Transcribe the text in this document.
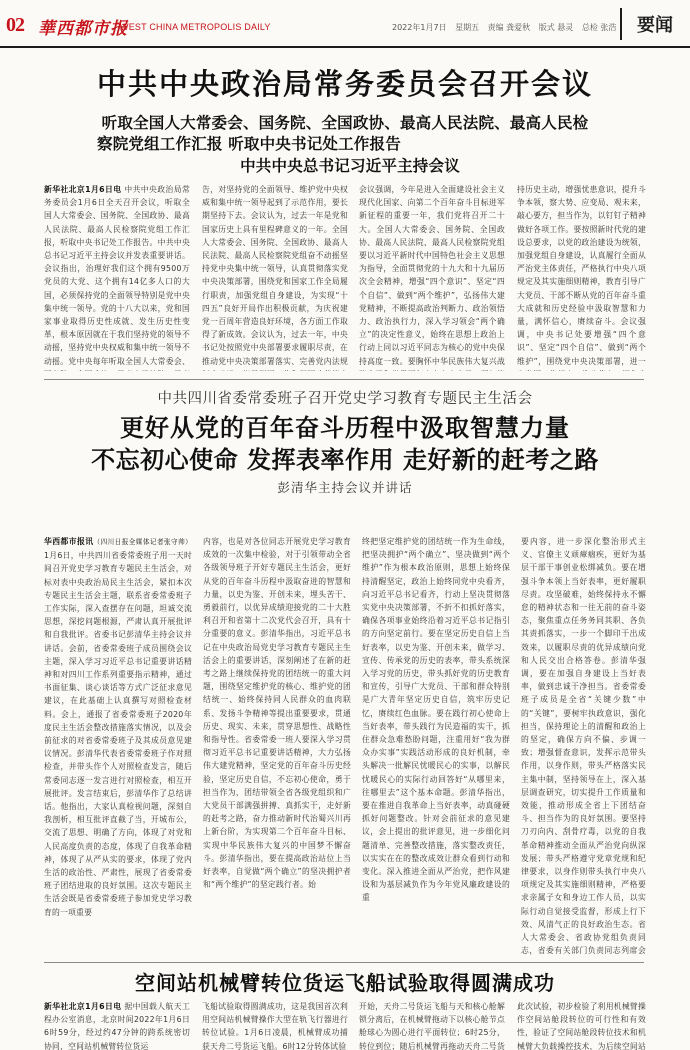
02 華西都市报
WEST CHINA METROPOLIS DAILY	2022年1月7日 星期五 责编 龚爱秋 版式 悬灵 总检 张浩	要闻
中共中央政治局常务委员会召开会议
听取全国人大常委会、国务院、全国政协、最高人民法院、最高人民检
察院党组工作汇报 听取中央书记处工作报告
中共中央总书记习近平主持会议
新华社北京1月6日电 中共中央政治局常务委员会1月6日全天召开会议，听取全国人大常委会、国务院、全国政协、最高人民法院、最高人民检察院党组工作汇报，听取中央书记处工作报告。中共中央总书记习近平主持会议并发表重要讲话。会议指出，治理好我们这个拥有9500万党员的大党、这个拥有14亿多人口的大国，必须保持党的全面领导特别是党中央集中统一领导。党的十八大以来，党和国家事业取得历史性成就、发生历史性变革，根本原因就在于我们坚持党的领导不动摇，坚持党中央权威和集中统一领导不动摇。党中央每年听取全国人大常委会、
告，对坚持党的全面领导、维护党中央权威和集中统一领导起到了示范作用，要长期坚持下去。会议认为，过去一年是党和国家历史上具有里程碑意义的一年。全国人大常委会、国务院、全国政协、最高人民法院、最高人民检察院党组奋不动摇坚持党中央集中统一领导，认真贯彻落实党中央决策部署，围绕党和国家工作全局履行职责，加强党组自身建设，为实现“十四五”良好开局作出积极贡献，为庆祝建党一百周年营造良好环境，各方面工作取得了新成效。会议认为，过去一年，中央书记处按照党中央部署要求履职尽责，在推动党中央决策部署落实、完善党内法规
会议强调，今年是进入全面建设社会主义现代化国家、向第二个百年奋斗目标进军新征程的重要一年，我们党将召开二十大。全国人大常委会、国务院、全国政协、最高人民法院、最高人民检察院党组要以习近平新时代中国特色社会主义思想为指导，全面贯彻党的十九大和十九届历次全会精神，增强“四个意识”、坚定“四个自信”、做到“两个维护”，弘扬伟大建党精神，不断提高政治判断力、政治领悟力、政治执行力，深入学习领会“两个确立”的决定性意义，始终在思想上政治上行动上同以习近平同志为核心的党中央保持高度一致。要胸怀中华民族伟大复兴战
持历史主动，增强忧患意识，提升斗争本领，察大势、应变局、观未来，敲心要方，担当作为，以钉钉子精神做好各项工作。要按照新时代党的建设总要求，以党的政治建设为统领，加强党组自身建设，认真履行全面从严治党主体责任，严格执行中央八项规定及其实施细则精神，教育引导广大党员、干部不断从党的百年奋斗重大成就和历史经验中汲取智慧和力量，满怀信心，赓续奋斗。会议强调，中央书记处要增强“四个意识”、坚定“四个自信”、做到“两个维护”，围绕党中央决策部署，进一
中共四川省委常委班子召开党史学习教育专题民主生活会
更好从党的百年奋斗历程中汲取智慧力量
不忘初心使命 发挥表率作用 走好新的赶考之路
彭清华主持会议并讲话
华西都市报讯（四川日报全媒体记者张守帅） 1月6日，中共四川省委常委班子用一天时间召开党史学习教育专题民主生活会，对标对表中央政治局民主生活会，紧扣本次专题民主生活会主题，联系省委常委班子工作实际，深入查摆存在问题，坦诚交流思想，深挖问题根源，严肃认真开展批评和自我批评。省委书记彭清华主持会议并讲话。会前，省委常委班子成员围绕会议主题，深入学习习近平总书记重要讲话精神和对四川工作系列重要指示精神，通过书面征集、谈心谈话等方式广泛征求意见建议，在此基础上认真撰写对照检查材料。会上，通报了省委常委班子2020年度民主生活会整改措施落实情况，以及会前征求的对省委常委班子及其成员意见建议情况。彭清华代表省委常委班子作对照检查，并带头作个人对照检查发言，随后常委同志逐一发言进行对照检查，相互开展批评。发言结束后，彭清华作了总结讲话。他指出，大家认真检视问题，深刻自我剖析，相互批评直截了当，开城布公，交流了思想、明确了方向，体现了对党和人民高度负责的态度，体现了自我革命精神，体现了从严从实的要求，体现了党内生活的政治性、严肃性，展现了省委常委班子团结进取的良好氛围。这次专题民主生活会既是省委常委班子参加党史学习教育的一项重要
内容，也是对各位同志开展党史学习教育成效的一次集中检验，对于引领带动全省各级领导班子开好专题民主生活会，更好从党的百年奋斗历程中汲取奋进的智慧和力量，以史为鉴、开创未来，埋头苦干、勇毅前行，以优异成绩迎接党的二十大胜利召开和省第十二次党代会召开，具有十分重要的意义。彭清华指出，习近平总书记在中央政治局党史学习教育专题民主生活会上的重要讲话，深刻阐述了在新的赶考之路上继续保持党的团结统一的重大问题，围绕坚定维护党的核心、维护党的团结统一、始终保持同人民群众的血肉联系、发扬斗争精神等提出重要要求，贯通历史、现实、未来，贯穿思想性、战略性和指导性。省委常委一班人要深入学习贯彻习近平总书记重要讲话精神，大力弘扬伟大建党精神，坚定党的百年奋斗历史经验，坚定历史自信，不忘初心使命，勇于担当作为，团结带领全省各级党组织和广大党员干部满强拼搏、真抓实干，走好新的赶考之路，奋力推动新时代治蜀兴川再上新台阶，为实现第二个百年奋斗目标、实现中华民族伟大复兴的中国梦不懈奋斗。彭清华指出，要在提高政治站位上当好表率，自觉做“两个确立”的坚决拥护者和“两个维护”的坚定践行者。始
终把坚定维护党的团结统一作为生命线，把坚决拥护“两个确立”、坚决做到“两个维护”作为根本政治原则，思想上始终保持清醒坚定，政治上始终同党中央看齐，向习近平总书记看齐，行动上坚决贯彻落实党中央决策部署，不折不扣抓好落实，确保各项事业始终沿着习近平总书记指引的方向坚定前行。要在坚定历史自信上当好表率，以史为鉴、开创未来，做学习、宣传、传承党的历史的表率，带头系统深入学习党的历史，带头抓好党的历史教育和宣传，引导广大党员、干部和群众特别是广大青年坚定历史自信，筑牢历史记忆，赓续红色血脉。要在践行初心使命上当好表率，带头践行为民造福的实干，抓住群众急难愁盼问题，注重用好“我为群众办实事”实践活动形成的良好机制，牵头解决一批解民忧暖民心的实事，以解民忧暖民心的实际行动回答好“从哪里来，往哪里去”这个基本命题。彭清华指出，要在推进自我革命上当好表率，动真碰硬抓好问题整改。针对会前征求的意见建议，会上提出的批评意见，进一步细化问题清单、完善整改措施，落实整改责任，以实实在在的整改成效让群众看到行动和变化。深入推进全面从严治党，把作风建设和为基层减负作为今年党风廉政建设的重
要内容，进一步深化整治形式主义、官僚主义顽瘴痼疾，更好为基层干部干事创业松绑减负。要在增强斗争本领上当好表率，更好履职尽责。攻坚破难，始终保持永不懈怠的精神状态和一往无前的奋斗姿态，聚焦重点任务务同其职、各负其责抓落实，一步一个脚印干出成效来，以履职尽责的优异成绩向党和人民交出合格答卷。彭清华强调，要在加强自身建设上当好表率，做到忠诚干净担当。省委常委班子成员是全省“关键少数”中的“关键”，要树牢执政意识，强化担当，保持理论上的清醒和政治上的坚定，确保方向不偏、步调一致；增强督查意识，发挥示范带头作用，以身作则，带头严格落实民主集中制，坚持领导在上，深入基层调查研究，切实提升工作质量和效能，推动形成全省上下团结奋斗、担当作为的良好氛围。要坚持刀刃向内、刮骨疗毒，以党的自我革命精神推动全面从严治党向纵深发展；带头严格遵守党章党规和纪律要求，以身作则带头执行中央八项规定及其实施细则精神，严格要求亲属子女和身边工作人员，以实际行动自觉接受监督，形成上行下效、风清气正的良好政治生态。省人大常委会、省政协党组负责同志，省委有关部门负责同志列席会
空间站机械臂转位货运飞船试验取得圆满成功
新华社北京1月6日电 据中国载人航天工程办公室消息，北京时间2022年1月6日6时59分，经过约47分钟的跨系统密切协同，空间站机械臂转位货运
飞船试验取得圆满成功，这是我国首次利用空间站机械臂操作大型在轨飞行器进行转位试验。1月6日凌晨，机械臂成功捕获天舟二号货运飞船。6时12分转体试验
开始，天舟二号货运飞船与天和核心舱解锁分离后，在机械臂拖动下以核心舱节点舱球心为圆心进行平面转位；6时25分，转位到位；随后机械臂再拖动天舟二号货
此次试验，初步检验了利用机械臂操作空间站舱段转位的可行性和有效性，验证了空间站舱段转位技术和机械臂大负载操控技术，为后续空间站
